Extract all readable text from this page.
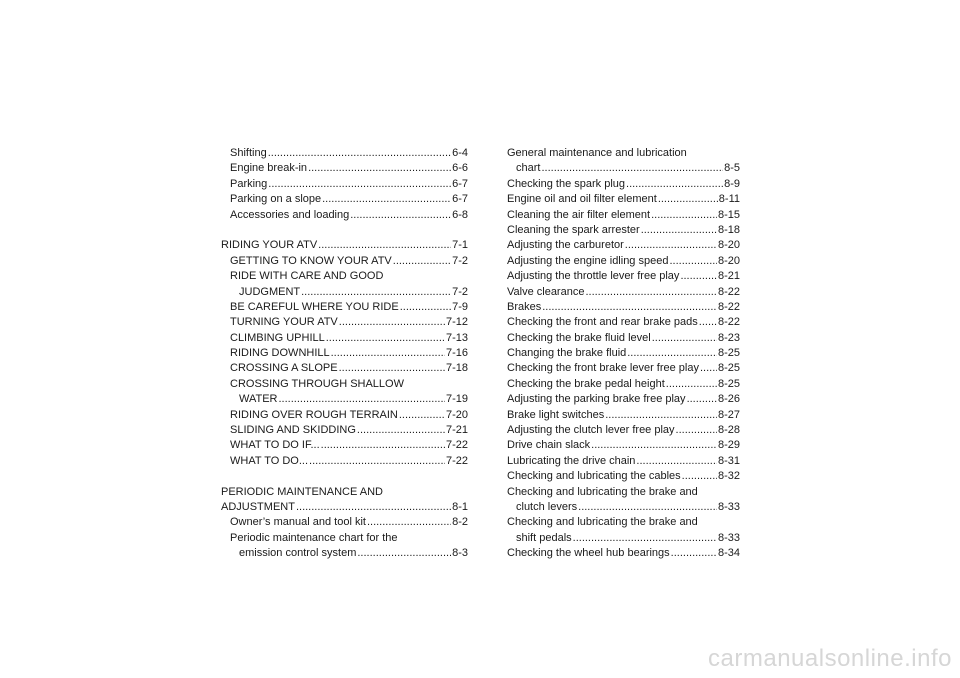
Shifting .....	6-4
Engine break-in .....	6-6
Parking .....	6-7
Parking on a slope .....	6-7
Accessories and loading .....	6-8
RIDING YOUR ATV .....	7-1
GETTING TO KNOW YOUR ATV .....	7-2
RIDE WITH CARE AND GOOD
JUDGMENT .....	7-2
BE CAREFUL WHERE YOU RIDE .....	7-9
TURNING YOUR ATV .....	7-12
CLIMBING UPHILL .....	7-13
RIDING DOWNHILL .....	7-16
CROSSING A SLOPE .....	7-18
CROSSING THROUGH SHALLOW
WATER .....	7-19
RIDING OVER ROUGH TERRAIN .....	7-20
SLIDING AND SKIDDING .....	7-21
WHAT TO DO IF... .....	7-22
WHAT TO DO... .....	7-22
PERIODIC MAINTENANCE AND
ADJUSTMENT .....	8-1
Owner’s manual and tool kit .....	8-2
Periodic maintenance chart for the
emission control system .....	8-3
General maintenance and lubrication
chart .....	8-5
Checking the spark plug .....	8-9
Engine oil and oil filter element .....	8-11
Cleaning the air filter element .....	8-15
Cleaning the spark arrester .....	8-18
Adjusting the carburetor .....	8-20
Adjusting the engine idling speed .....	8-20
Adjusting the throttle lever free play .....	8-21
Valve clearance .....	8-22
Brakes .....	8-22
Checking the front and rear brake pads ..... 8-22
Checking the brake fluid level .....	8-23
Changing the brake fluid .....	8-25
Checking the front brake lever free play ..... 8-25
Checking the brake pedal height .....	8-25
Adjusting the parking brake free play .....	8-26
Brake light switches .....	8-27
Adjusting the clutch lever free play .....	8-28
Drive chain slack .....	8-29
Lubricating the drive chain .....	8-31
Checking and lubricating the cables .....	8-32
Checking and lubricating the brake and
clutch levers .....	8-33
Checking and lubricating the brake and
shift pedals .....	8-33
Checking the wheel hub bearings .....	8-34
carmanualsonline.info
